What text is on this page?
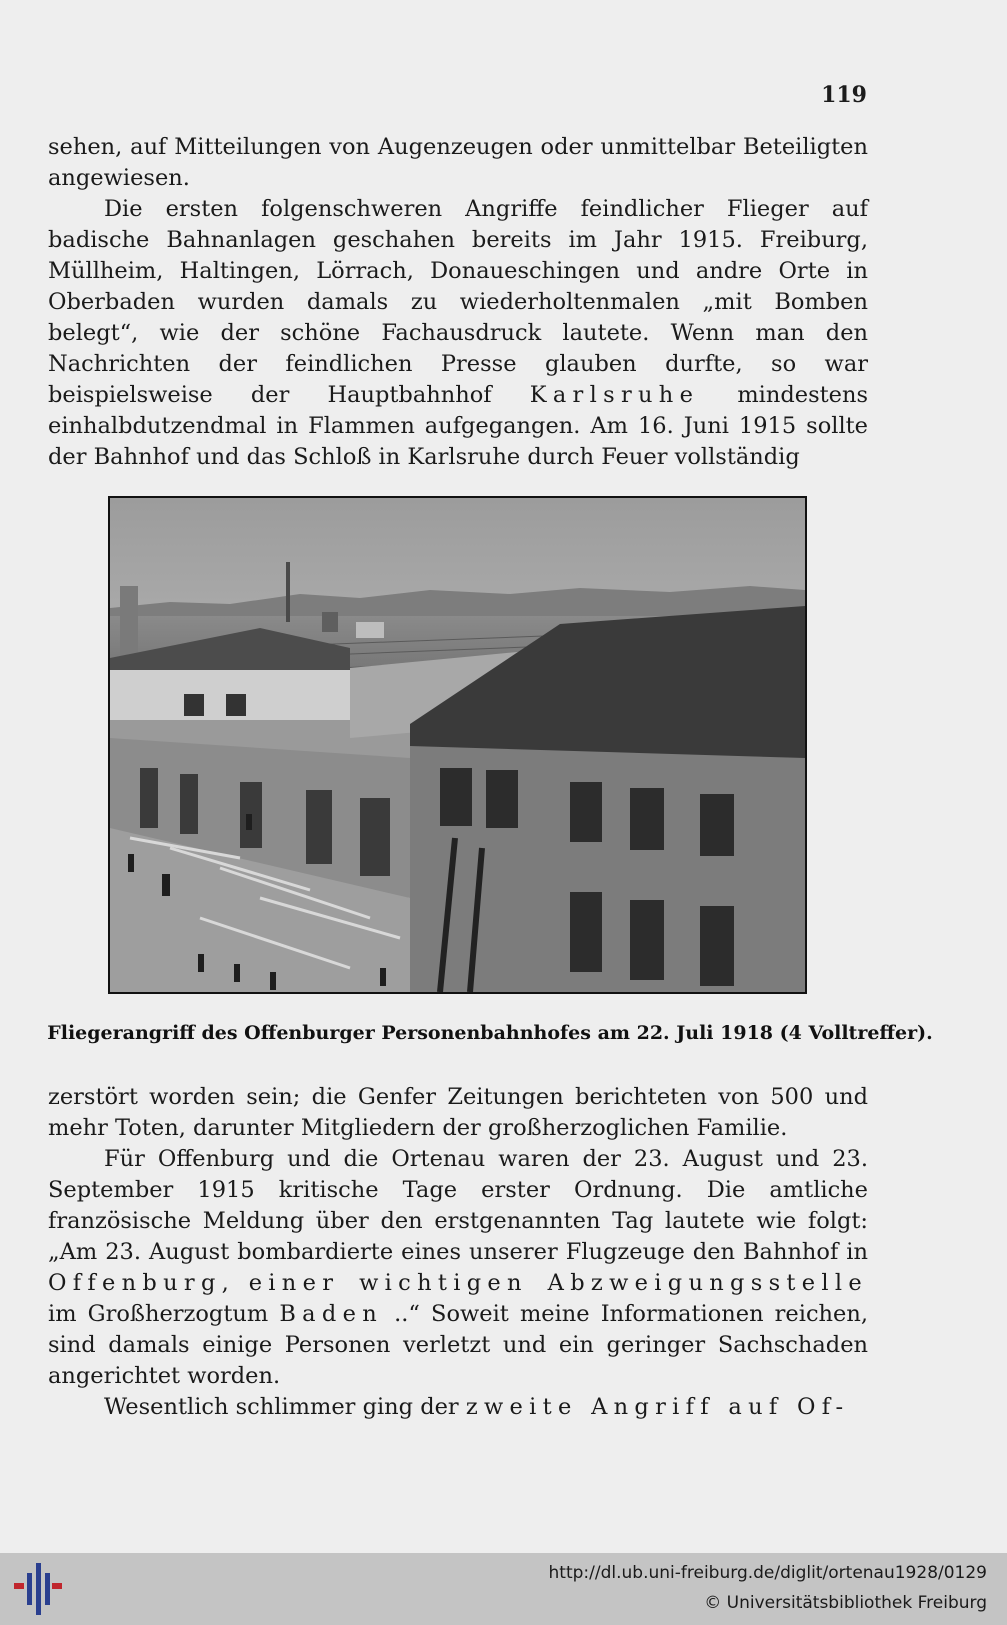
119

sehen, auf Mitteilungen von Augenzeugen oder unmittelbar Beteiligten angewiesen.

Die ersten folgenschweren Angriffe feindlicher Flieger auf badische Bahnanlagen geschahen bereits im Jahr 1915. Freiburg, Müllheim, Haltingen, Lörrach, Donaueschingen und andre Orte in Oberbaden wurden damals zu wiederholtenmalen „mit Bomben belegt“, wie der schöne Fachausdruck lautete. Wenn man den Nachrichten der feindlichen Presse glauben durfte, so war beispielsweise der Hauptbahnhof Karlsruhe mindestens einhalbdutzendmal in Flammen aufgegangen. Am 16. Juni 1915 sollte der Bahnhof und das Schloß in Karlsruhe durch Feuer vollständig

Fliegerangriff des Offenburger Personenbahnhofes am 22. Juli 1918 (4 Volltreffer).

zerstört worden sein; die Genfer Zeitungen berichteten von 500 und mehr Toten, darunter Mitgliedern der großherzoglichen Familie.

Für Offenburg und die Ortenau waren der 23. August und 23. September 1915 kritische Tage erster Ordnung. Die amtliche französische Meldung über den erstgenannten Tag lautete wie folgt: „Am 23. August bombardierte eines unserer Flugzeuge den Bahnhof in Offenburg, einer wichtigen Abzweigungsstelle im Großherzogtum Baden ..“ Soweit meine Informationen reichen, sind damals einige Personen verletzt und ein geringer Sachschaden angerichtet worden.

Wesentlich schlimmer ging der zweite Angriff auf Of-

http://dl.ub.uni-freiburg.de/diglit/ortenau1928/0129
© Universitätsbibliothek Freiburg
